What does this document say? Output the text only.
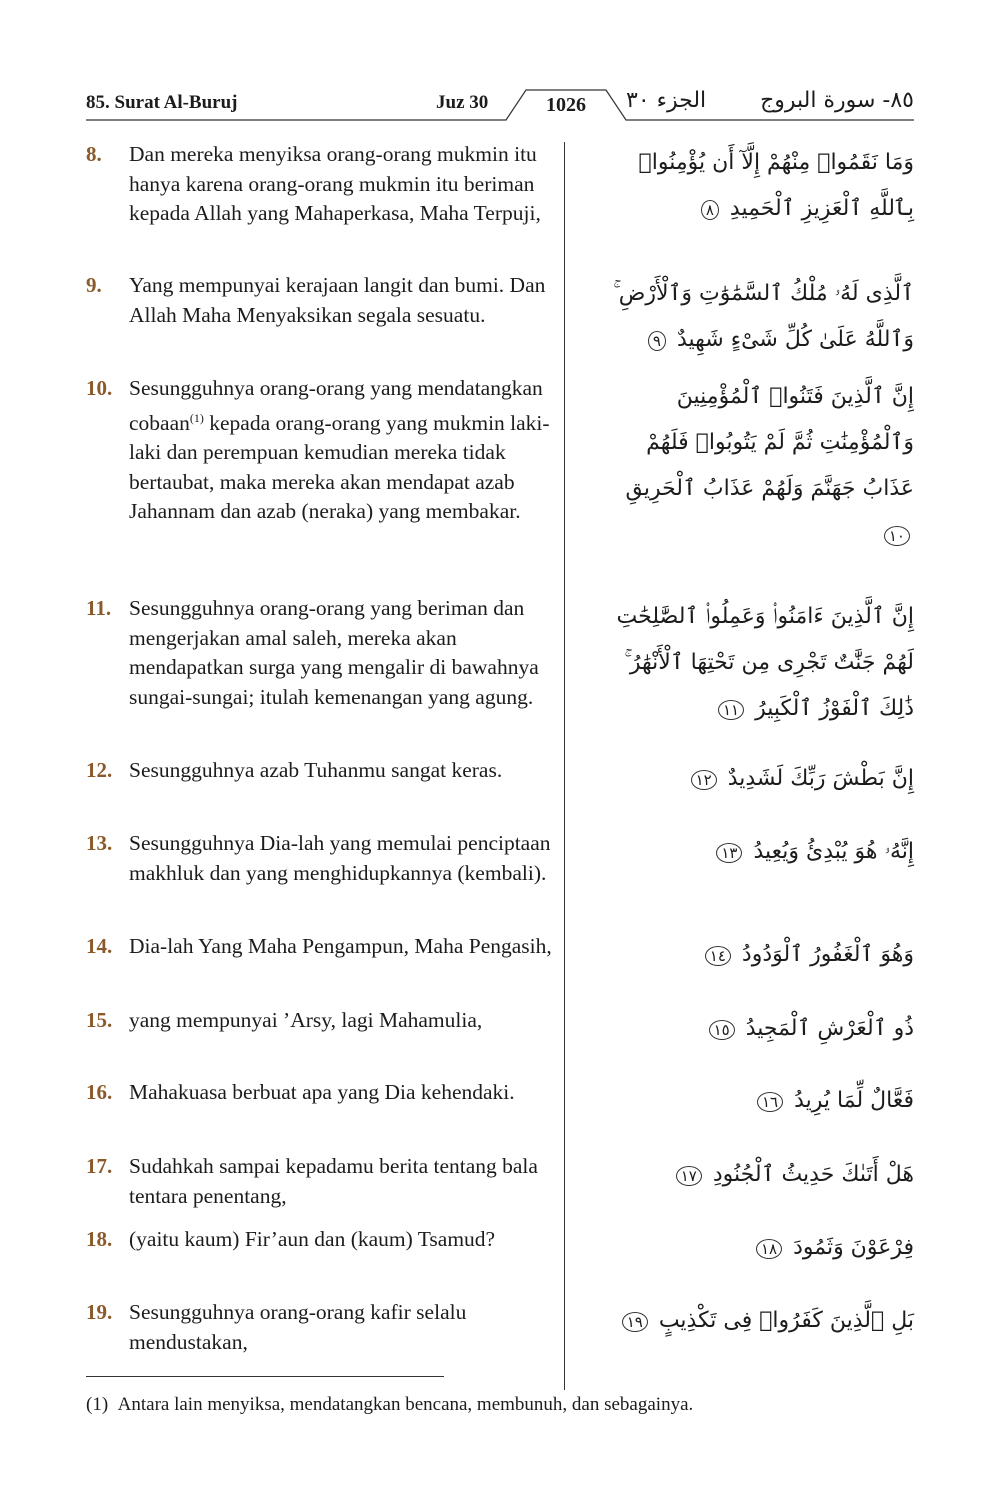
85. Surat Al-Buruj	Juz 30	1026	الجزء ٣٠ ٨٥- سورة البروج
8. Dan mereka menyiksa orang-orang mukmin itu hanya karena orang-orang mukmin itu beriman kepada Allah yang Mahaperkasa, Maha Terpuji,
وَمَا نَقَمُوا۟ مِنْهُمْ إِلَّآ أَن يُؤْمِنُوا۟ بِٱللَّهِ ٱلْعَزِيزِ ٱلْحَمِيدِ ٨
9. Yang mempunyai kerajaan langit dan bumi. Dan Allah Maha Menyaksikan segala sesuatu.
ٱلَّذِى لَهُۥ مُلْكُ ٱلسَّمَٰوَٰتِ وَٱلْأَرْضِ ۚ وَٱللَّهُ عَلَىٰ كُلِّ شَىْءٍ شَهِيدٌ ٩
10. Sesungguhnya orang-orang yang mendatangkan cobaan$^{(1)}$ kepada orang-orang yang mukmin laki-laki dan perempuan kemudian mereka tidak bertaubat, maka mereka akan mendapat azab Jahannam dan azab (neraka) yang membakar.
إِنَّ ٱلَّذِينَ فَتَنُوا۟ ٱلْمُؤْمِنِينَ وَٱلْمُؤْمِنَٰتِ ثُمَّ لَمْ يَتُوبُوا۟ فَلَهُمْ عَذَابُ جَهَنَّمَ وَلَهُمْ عَذَابُ ٱلْحَرِيقِ ١٠
11. Sesungguhnya orang-orang yang beriman dan mengerjakan amal saleh, mereka akan mendapatkan surga yang mengalir di bawahnya sungai-sungai; itulah kemenangan yang agung.
إِنَّ ٱلَّذِينَ ءَامَنُوا۟ وَعَمِلُوا۟ ٱلصَّٰلِحَٰتِ لَهُمْ جَنَّٰتٌ تَجْرِى مِن تَحْتِهَا ٱلْأَنْهَٰرُ ۚ ذَٰلِكَ ٱلْفَوْزُ ٱلْكَبِيرُ ١١
12. Sesungguhnya azab Tuhanmu sangat keras.	إِنَّ بَطْشَ رَبِّكَ لَشَدِيدٌ ١٢
13. Sesungguhnya Dia-lah yang memulai penciptaan makhluk dan yang menghidupkannya (kembali).
إِنَّهُۥ هُوَ يُبْدِئُ وَيُعِيدُ ١٣
14. Dia-lah Yang Maha Pengampun, Maha Pengasih,	وَهُوَ ٱلْغَفُورُ ٱلْوَدُودُ ١٤
15. yang mempunyai ’Arsy, lagi Mahamulia,	ذُو ٱلْعَرْشِ ٱلْمَجِيدُ ١٥
16. Mahakuasa berbuat apa yang Dia kehendaki.	فَعَّالٌ لِّمَا يُرِيدُ ١٦
17. Sudahkah sampai kepadamu berita tentang bala tentara penentang,
هَلْ أَتَىٰكَ حَدِيثُ ٱلْجُنُودِ ١٧
18. (yaitu kaum) Fir’aun dan (kaum) Tsamud?	فِرْعَوْنَ وَثَمُودَ ١٨
19. Sesungguhnya orang-orang kafir selalu mendustakan,
بَلِ ٱلَّذِينَ كَفَرُوا۟ فِى تَكْذِيبٍ ١٩
(1) Antara lain menyiksa, mendatangkan bencana, membunuh, dan sebagainya.
